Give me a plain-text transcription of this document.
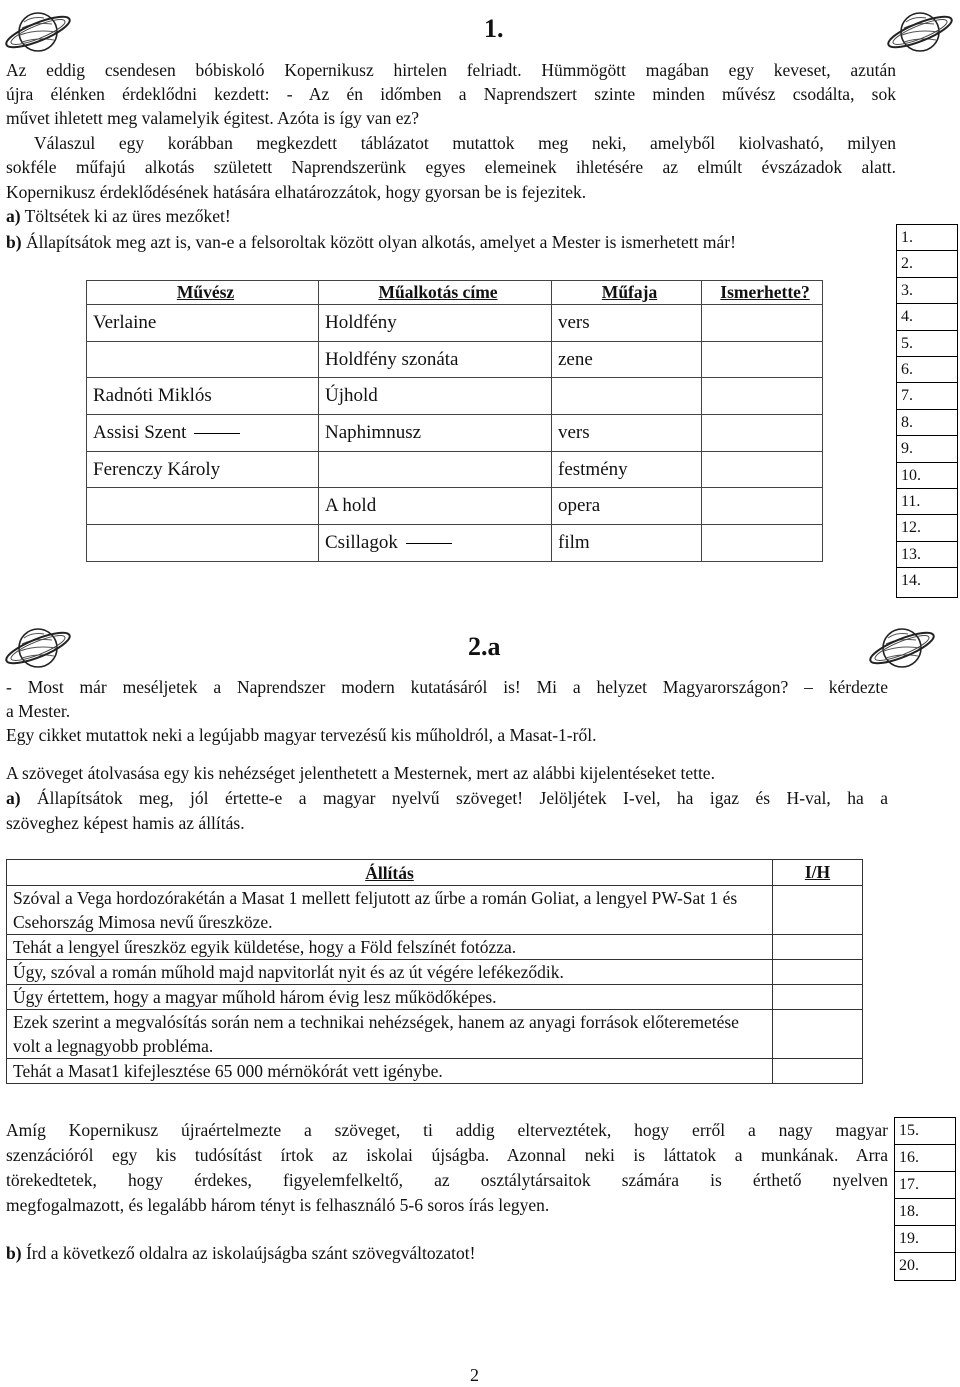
1.
Az eddig csendesen bóbiskoló Kopernikusz hirtelen felriadt. Hümmögött magában egy keveset, azután
újra élénken érdeklődni kezdett: - Az én időmben a Naprendszert szinte minden művész csodálta, sok
művet ihletett meg valamelyik égitest. Azóta is így van ez?
Válaszul egy korábban megkezdett táblázatot mutattok meg neki, amelyből kiolvasható, milyen
sokféle műfajú alkotás született Naprendszerünk egyes elemeinek ihletésére az elmúlt évszázadok alatt.
Kopernikusz érdeklődésének hatására elhatározzátok, hogy gyorsan be is fejezitek.
a) Töltsétek ki az üres mezőket!
b) Állapítsátok meg azt is, van-e a felsoroltak között olyan alkotás, amelyet a Mester is ismerhetett már!	1.
2.
3.
4.
5.
6.
7.
8.
9.
10.
11.
12.
13.
14.
Művész	Műalkotás címe	Műfaja	Ismerhette?
Verlaine	Holdfény	vers	
	Holdfény szonáta	zene	
Radnóti Miklós	Újhold		
Assisi Szent	Naphimnusz	vers	
Ferenczy Károly		festmény	
	A hold	opera	
	Csillagok	film	
2.a
- Most már meséljetek a Naprendszer modern kutatásáról is! Mi a helyzet Magyarországon? – kérdezte
a Mester.
Egy cikket mutattok neki a legújabb magyar tervezésű kis műholdról, a Masat-1-ről.
A szöveget átolvasása egy kis nehézséget jelenthetett a Mesternek, mert az alábbi kijelentéseket tette.
a) Állapítsátok meg, jól értette-e a magyar nyelvű szöveget! Jelöljétek I-vel, ha igaz és H-val, ha a
szöveghez képest hamis az állítás.
Állítás	I/H
Szóval a Vega hordozórakétán a Masat 1 mellett feljutott az űrbe a román Goliat, a lengyel PW-Sat 1 és Csehország Mimosa nevű űreszköze.	
Tehát a lengyel űreszköz egyik küldetése, hogy a Föld felszínét fotózza.	
Úgy, szóval a román műhold majd napvitorlát nyit és az út végére lefékeződik.	
Úgy értettem, hogy a magyar műhold három évig lesz működőképes.	
Ezek szerint a megvalósítás során nem a technikai nehézségek, hanem az anyagi források előteremetése volt a legnagyobb probléma.	
Tehát a Masat1 kifejlesztése 65 000 mérnökórát vett igénybe.	
Amíg Kopernikusz újraértelmezte a szöveget, ti addig elterveztétek, hogy erről a nagy magyar
szenzációról egy kis tudósítást írtok az iskolai újságba. Azonnal neki is láttatok a munkának. Arra
törekedtetek, hogy érdekes, figyelemfelkeltő, az osztálytársaitok számára is érthető nyelven
megfogalmazott, és legalább három tényt is felhasználó 5-6 soros írás legyen.
b) Írd a következő oldalra az iskolaújságba szánt szövegváltozatot!
15.
16.
17.
18.
19.
20.
2
